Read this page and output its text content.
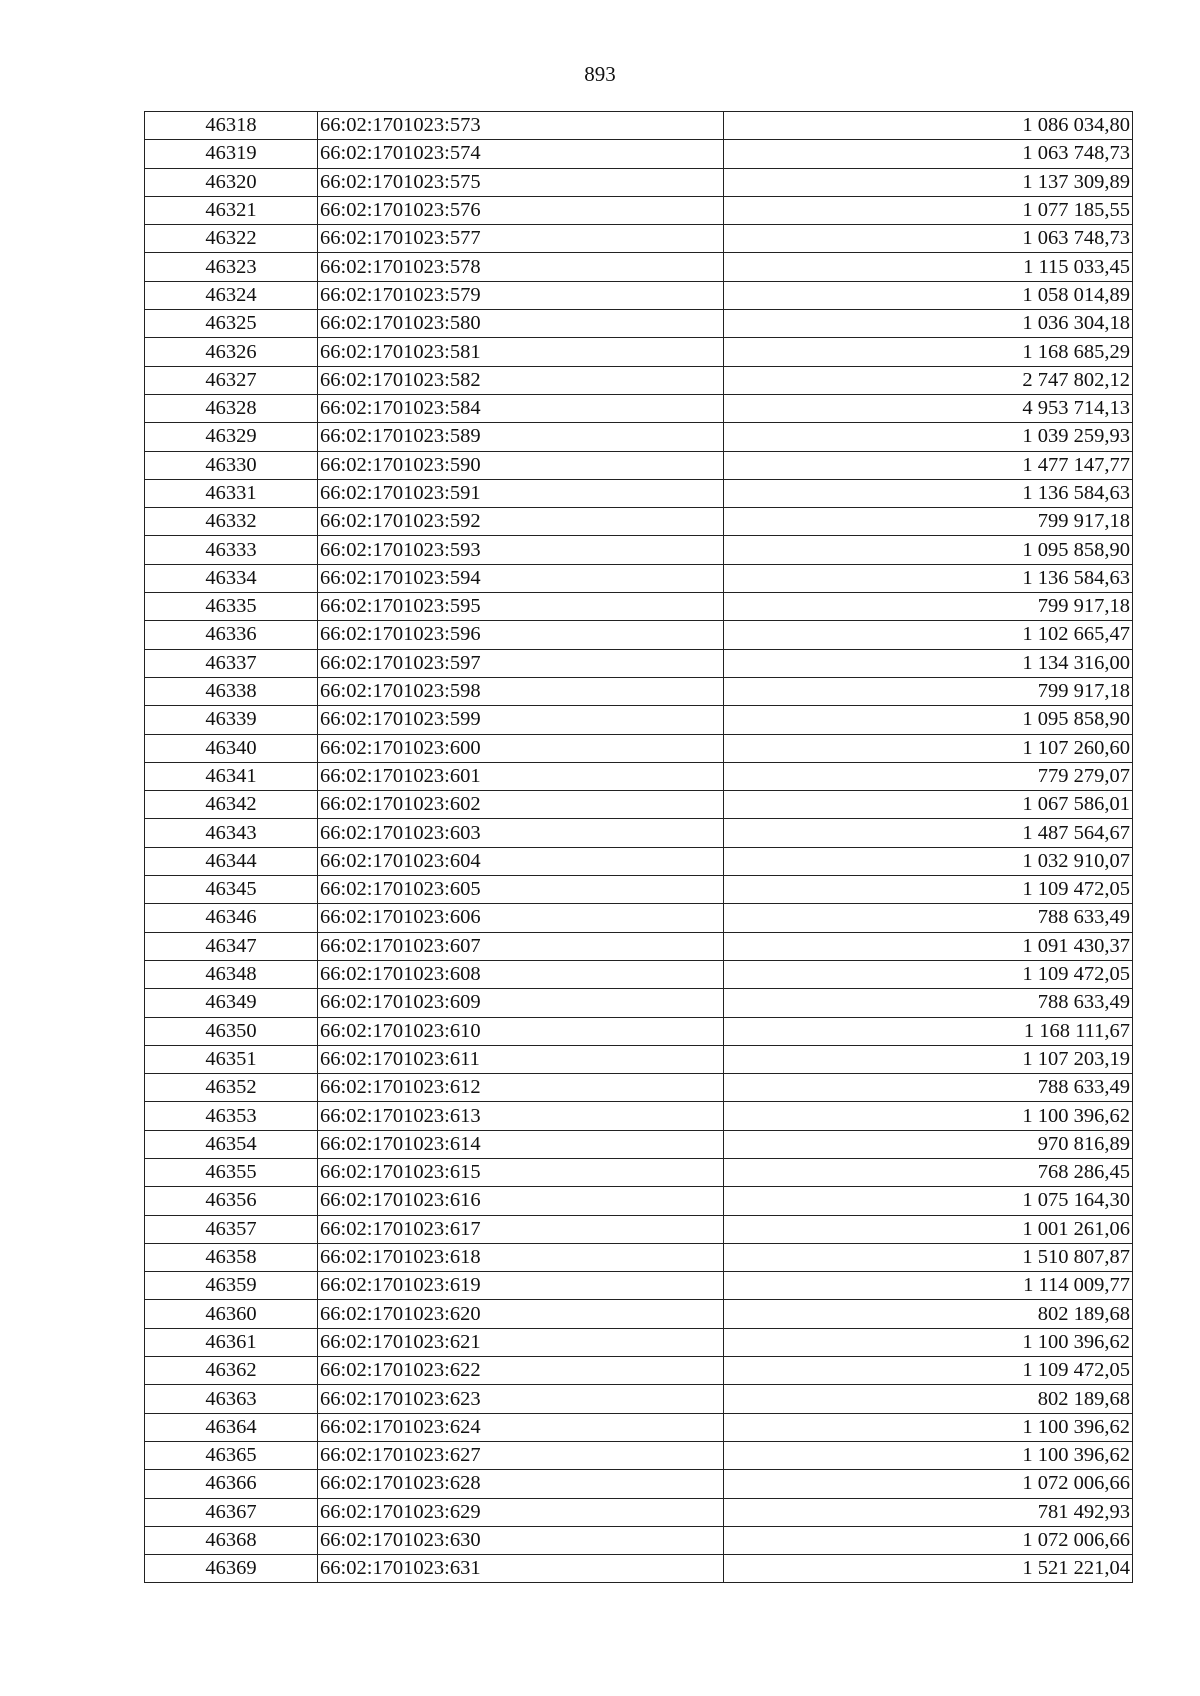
893
46318	66:02:1701023:573	1 086 034,80
46319	66:02:1701023:574	1 063 748,73
46320	66:02:1701023:575	1 137 309,89
46321	66:02:1701023:576	1 077 185,55
46322	66:02:1701023:577	1 063 748,73
46323	66:02:1701023:578	1 115 033,45
46324	66:02:1701023:579	1 058 014,89
46325	66:02:1701023:580	1 036 304,18
46326	66:02:1701023:581	1 168 685,29
46327	66:02:1701023:582	2 747 802,12
46328	66:02:1701023:584	4 953 714,13
46329	66:02:1701023:589	1 039 259,93
46330	66:02:1701023:590	1 477 147,77
46331	66:02:1701023:591	1 136 584,63
46332	66:02:1701023:592	799 917,18
46333	66:02:1701023:593	1 095 858,90
46334	66:02:1701023:594	1 136 584,63
46335	66:02:1701023:595	799 917,18
46336	66:02:1701023:596	1 102 665,47
46337	66:02:1701023:597	1 134 316,00
46338	66:02:1701023:598	799 917,18
46339	66:02:1701023:599	1 095 858,90
46340	66:02:1701023:600	1 107 260,60
46341	66:02:1701023:601	779 279,07
46342	66:02:1701023:602	1 067 586,01
46343	66:02:1701023:603	1 487 564,67
46344	66:02:1701023:604	1 032 910,07
46345	66:02:1701023:605	1 109 472,05
46346	66:02:1701023:606	788 633,49
46347	66:02:1701023:607	1 091 430,37
46348	66:02:1701023:608	1 109 472,05
46349	66:02:1701023:609	788 633,49
46350	66:02:1701023:610	1 168 111,67
46351	66:02:1701023:611	1 107 203,19
46352	66:02:1701023:612	788 633,49
46353	66:02:1701023:613	1 100 396,62
46354	66:02:1701023:614	970 816,89
46355	66:02:1701023:615	768 286,45
46356	66:02:1701023:616	1 075 164,30
46357	66:02:1701023:617	1 001 261,06
46358	66:02:1701023:618	1 510 807,87
46359	66:02:1701023:619	1 114 009,77
46360	66:02:1701023:620	802 189,68
46361	66:02:1701023:621	1 100 396,62
46362	66:02:1701023:622	1 109 472,05
46363	66:02:1701023:623	802 189,68
46364	66:02:1701023:624	1 100 396,62
46365	66:02:1701023:627	1 100 396,62
46366	66:02:1701023:628	1 072 006,66
46367	66:02:1701023:629	781 492,93
46368	66:02:1701023:630	1 072 006,66
46369	66:02:1701023:631	1 521 221,04
